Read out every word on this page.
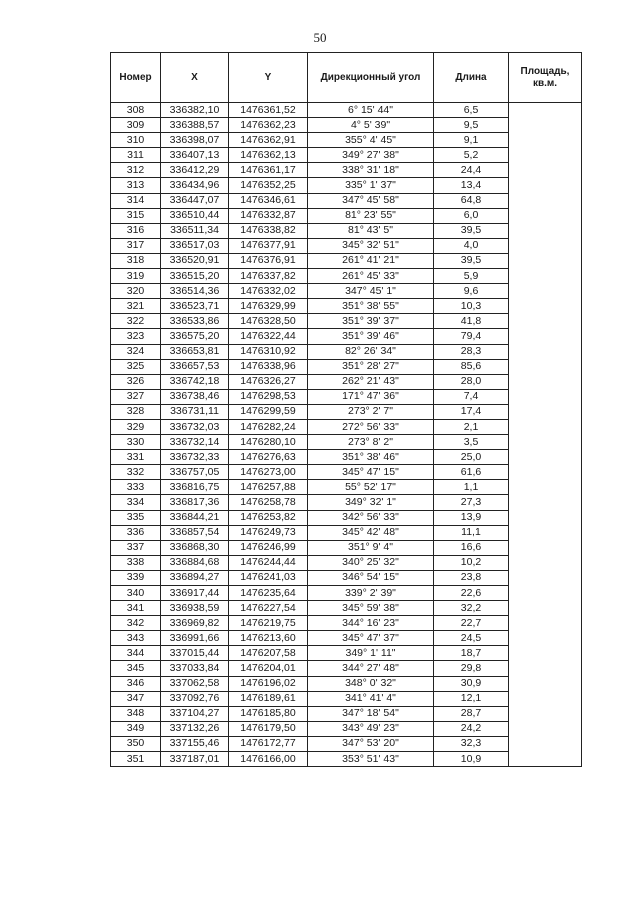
50
Номер	X	Y	Дирекционный угол	Длина	Площадь, кв.м.
308	336382,10	1476361,52	6° 15' 44"	6,5	
309	336388,57	1476362,23	4° 5' 39"	9,5	
310	336398,07	1476362,91	355° 4' 45"	9,1	
311	336407,13	1476362,13	349° 27' 38"	5,2	
312	336412,29	1476361,17	338° 31' 18"	24,4	
313	336434,96	1476352,25	335° 1' 37"	13,4	
314	336447,07	1476346,61	347° 45' 58"	64,8	
315	336510,44	1476332,87	81° 23' 55"	6,0	
316	336511,34	1476338,82	81° 43' 5"	39,5	
317	336517,03	1476377,91	345° 32' 51"	4,0	
318	336520,91	1476376,91	261° 41' 21"	39,5	
319	336515,20	1476337,82	261° 45' 33"	5,9	
320	336514,36	1476332,02	347° 45' 1"	9,6	
321	336523,71	1476329,99	351° 38' 55"	10,3	
322	336533,86	1476328,50	351° 39' 37"	41,8	
323	336575,20	1476322,44	351° 39' 46"	79,4	
324	336653,81	1476310,92	82° 26' 34"	28,3	
325	336657,53	1476338,96	351° 28' 27"	85,6	
326	336742,18	1476326,27	262° 21' 43"	28,0	
327	336738,46	1476298,53	171° 47' 36"	7,4	
328	336731,11	1476299,59	273° 2' 7"	17,4	
329	336732,03	1476282,24	272° 56' 33"	2,1	
330	336732,14	1476280,10	273° 8' 2"	3,5	
331	336732,33	1476276,63	351° 38' 46"	25,0	
332	336757,05	1476273,00	345° 47' 15"	61,6	
333	336816,75	1476257,88	55° 52' 17"	1,1	
334	336817,36	1476258,78	349° 32' 1"	27,3	
335	336844,21	1476253,82	342° 56' 33"	13,9	
336	336857,54	1476249,73	345° 42' 48"	11,1	
337	336868,30	1476246,99	351° 9' 4"	16,6	
338	336884,68	1476244,44	340° 25' 32"	10,2	
339	336894,27	1476241,03	346° 54' 15"	23,8	
340	336917,44	1476235,64	339° 2' 39"	22,6	
341	336938,59	1476227,54	345° 59' 38"	32,2	
342	336969,82	1476219,75	344° 16' 23"	22,7	
343	336991,66	1476213,60	345° 47' 37"	24,5	
344	337015,44	1476207,58	349° 1' 11"	18,7	
345	337033,84	1476204,01	344° 27' 48"	29,8	
346	337062,58	1476196,02	348° 0' 32"	30,9	
347	337092,76	1476189,61	341° 41' 4"	12,1	
348	337104,27	1476185,80	347° 18' 54"	28,7	
349	337132,26	1476179,50	343° 49' 23"	24,2	
350	337155,46	1476172,77	347° 53' 20"	32,3	
351	337187,01	1476166,00	353° 51' 43"	10,9	
